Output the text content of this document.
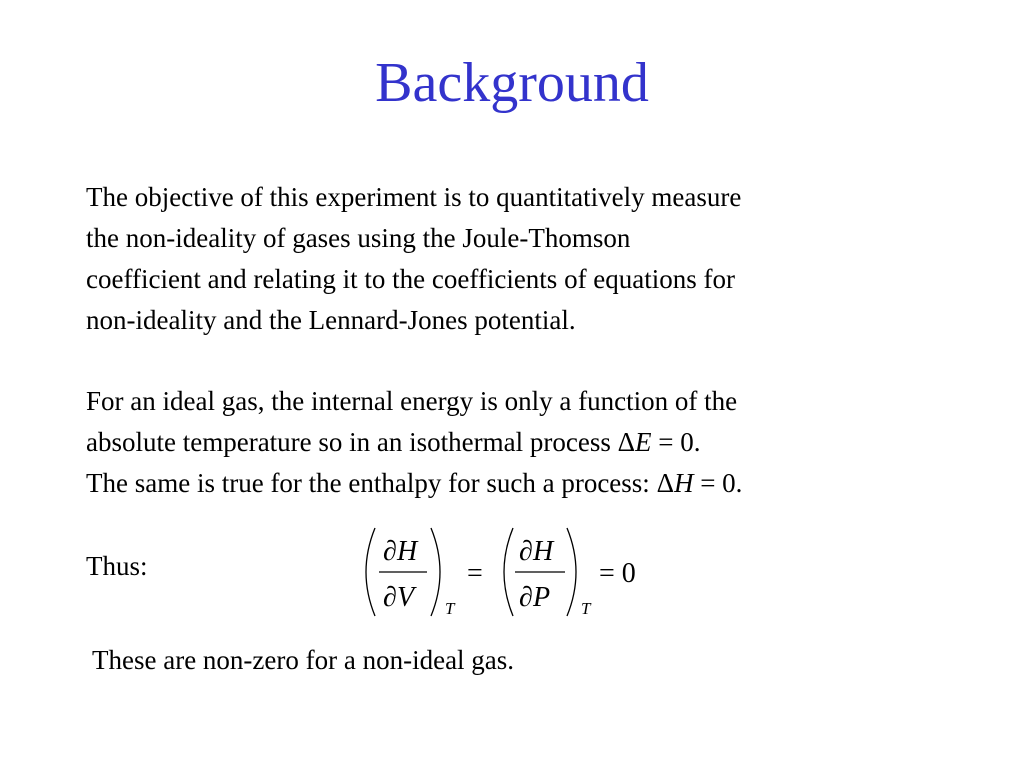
Background

The objective of this experiment is to quantitatively measure
the non-ideality of gases using the Joule-Thomson
coefficient and relating it to the coefficients of equations for
non-ideality and the Lennard-Jones potential.

For an ideal gas, the internal energy is only a function of the
absolute temperature so in an isothermal process ΔE = 0.
The same is true for the enthalpy for such a process: ΔH = 0.

Thus:	∂ H
∂ V T
=
∂ H
∂ P T
= 0
These are non-zero for a non-ideal gas.
